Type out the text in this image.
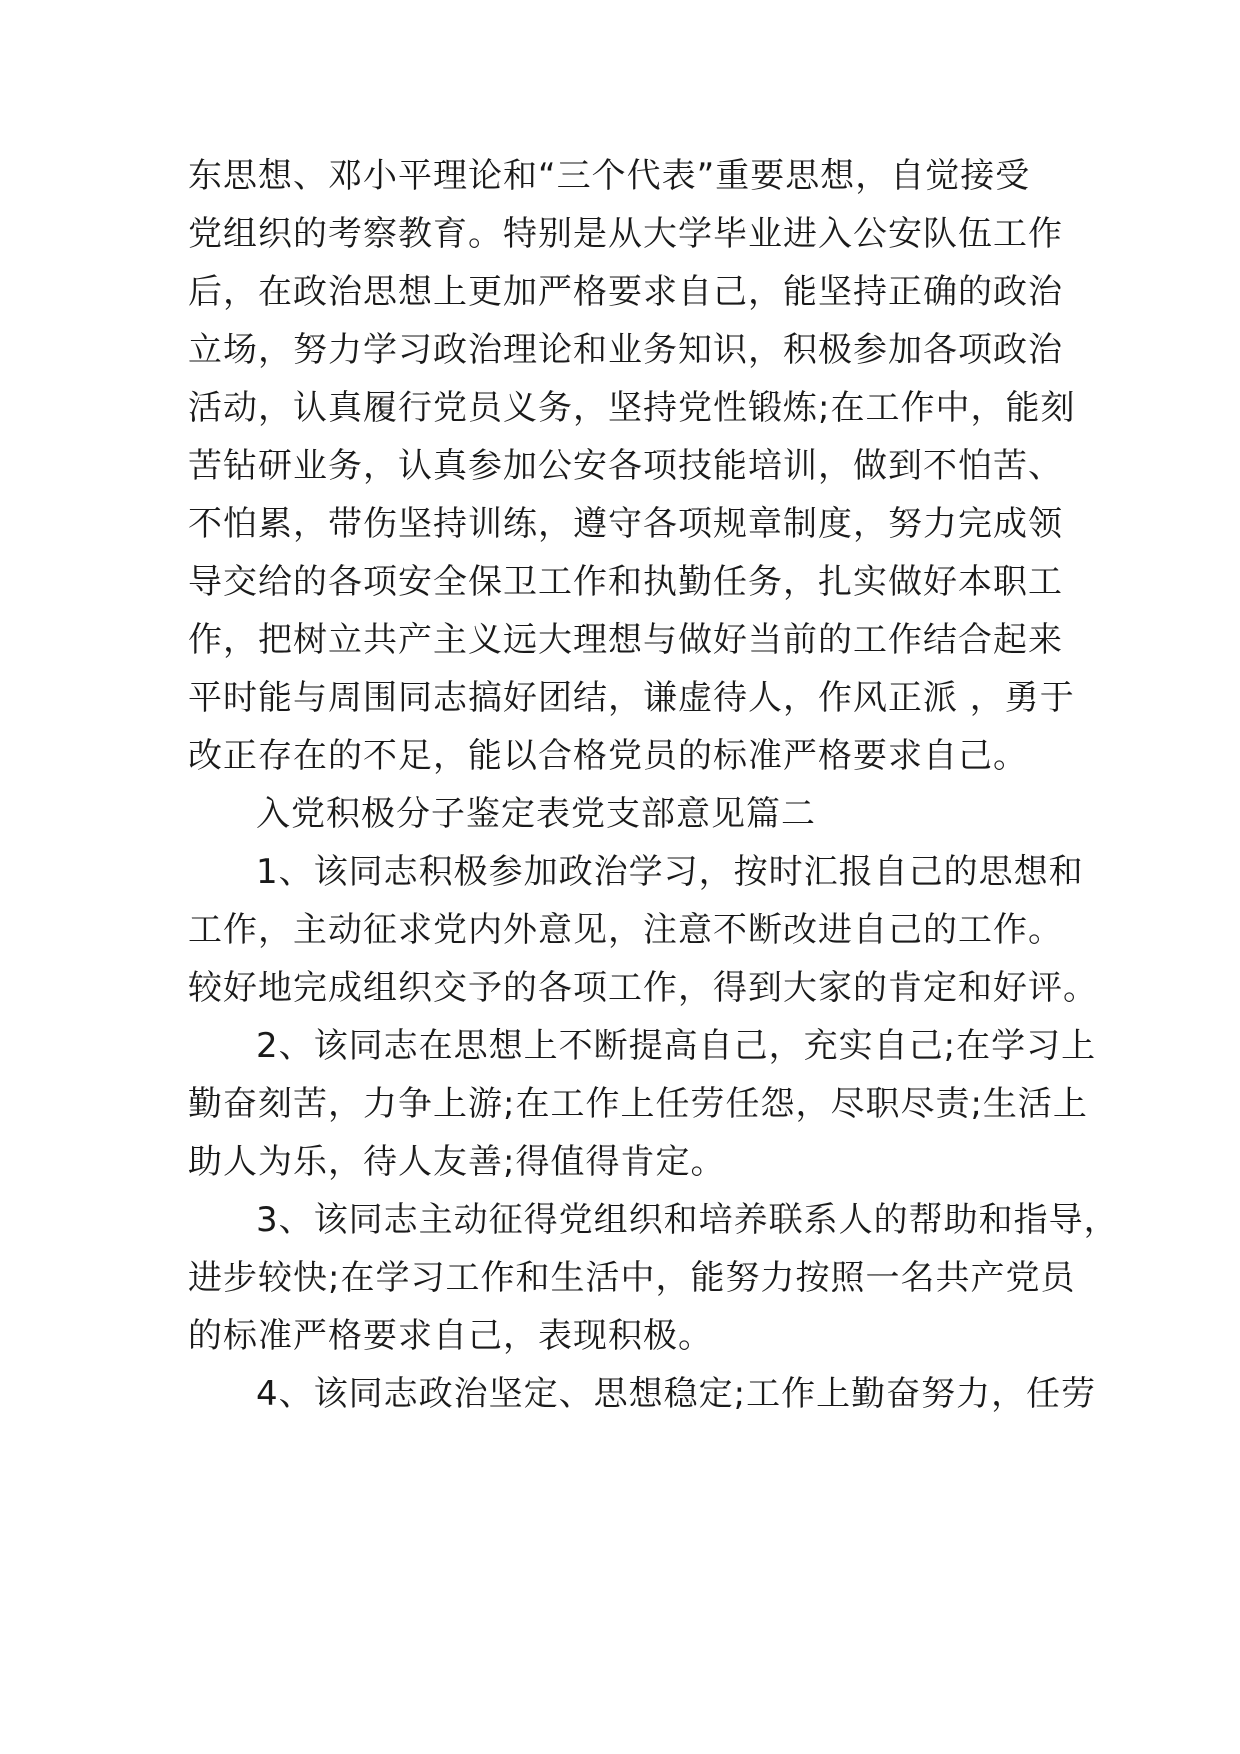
东思想、邓小平理论和“三个代表”重要思想，自觉接受
党组织的考察教育。特别是从大学毕业进入公安队伍工作
后，在政治思想上更加严格要求自己，能坚持正确的政治
立场，努力学习政治理论和业务知识，积极参加各项政治
活动，认真履行党员义务，坚持党性锻炼;在工作中，能刻
苦钻研业务，认真参加公安各项技能培训，做到不怕苦、
不怕累，带伤坚持训练，遵守各项规章制度，努力完成领
导交给的各项安全保卫工作和执勤任务，扎实做好本职工
作，把树立共产主义远大理想与做好当前的工作结合起来
平时能与周围同志搞好团结，谦虚待人，作风正派 ，勇于
改正存在的不足，能以合格党员的标准严格要求自己。
入党积极分子鉴定表党支部意见篇二
1、该同志积极参加政治学习，按时汇报自己的思想和
工作，主动征求党内外意见，注意不断改进自己的工作。
较好地完成组织交予的各项工作，得到大家的肯定和好评。
2、该同志在思想上不断提高自己，充实自己;在学习上
勤奋刻苦，力争上游;在工作上任劳任怨，尽职尽责;生活上
助人为乐，待人友善;得值得肯定。
3、该同志主动征得党组织和培养联系人的帮助和指导，
进步较快;在学习工作和生活中，能努力按照一名共产党员
的标准严格要求自己，表现积极。
4、该同志政治坚定、思想稳定;工作上勤奋努力，任劳
